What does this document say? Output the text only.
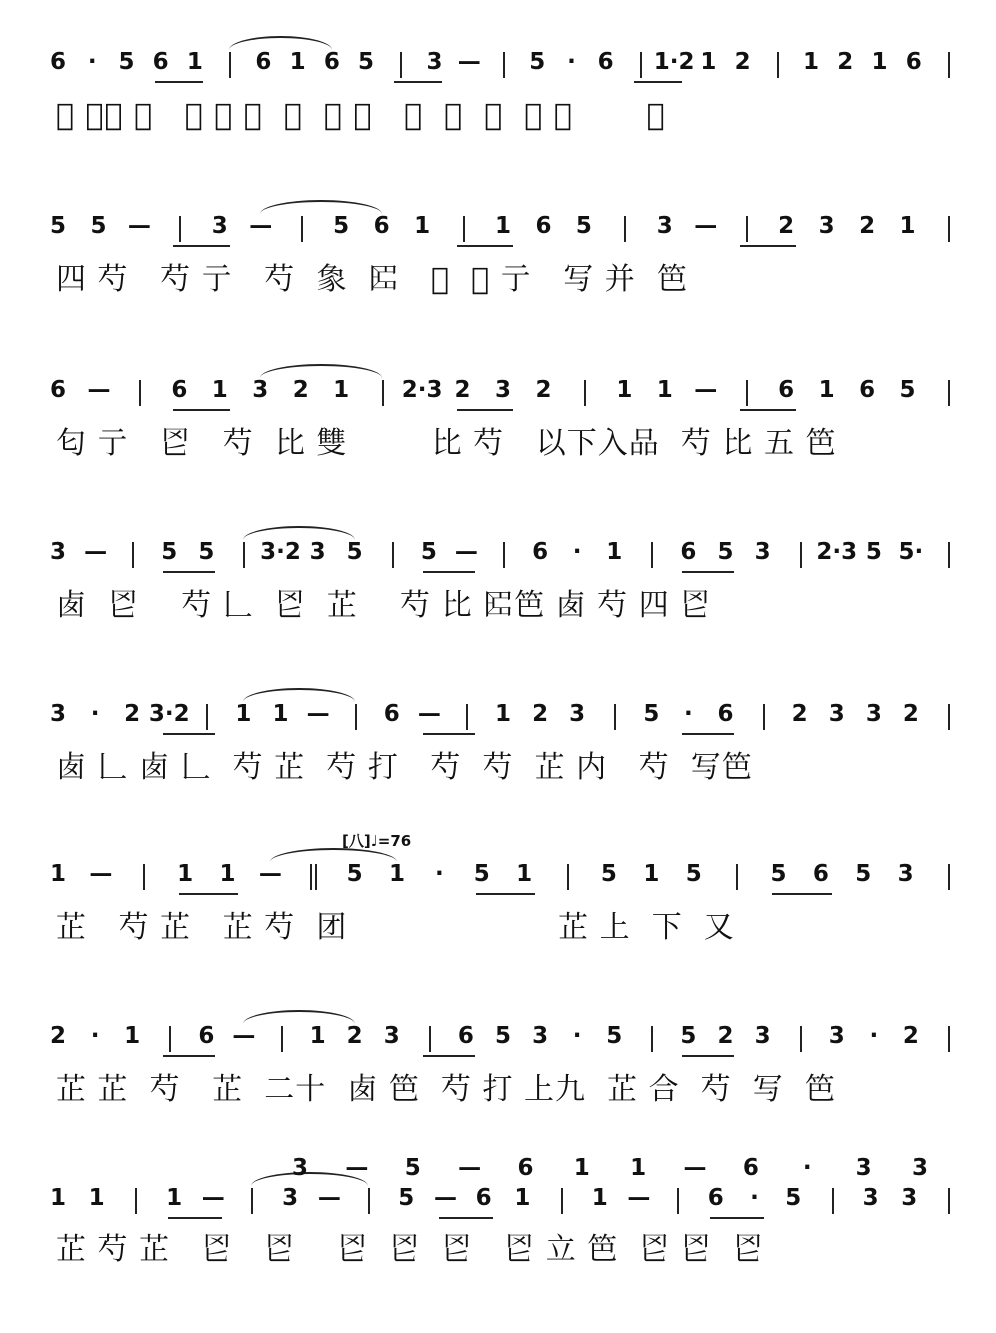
6 · 5 6 1 6 1 6 5 3 — 5 · 6 1·2 1 2 1 2 1 6
𥆀 打艮 旬   𣅻 丿 立  笆  𦉮 亍   𦚶  囟  疌  徒 亍       笆
5 5 —	3 —	5 6 1	1 6 5	3 —	2 3 2 1
四 芍   芍 亍   芍  𧰼  𠥓   𪝉  𠃔 亍   写 并  笆
6 —	6 1 3 2 1 2·3 2 3 2	1 1 —	6 1 6 5
匂 亍   𦉮   芍  比 雙        比 芍   以下入品  芍 比 五 笆
3 — 5 5 3·2 3 5	5 — 6 · 1	6 5 3 2·3 5 5·
𠧧  𦉮    芍 𠃊  𦉮  芷    芍 比 𠥓笆 𠧧 芍 四 𦉮
3 · 2 3·2 1 1 — 6 — 1 2 3	5 · 6	2 3 3 2
𠧧 𠃊 𠧧 𠃊  芍 芷  芍 打   芍  芍  芷 内   芍  写笆
1 —	1 1 —	5 1 · 5 1	5 1 5	5 6 5 3
芷   芍 芷   芷 芍  团                    芷 上  下  又
2 · 1	6 — 1 2 3	6 5 3 · 5	5 2 3	3 · 2
芷 芷  芍   芷  二十  𠧧 笆  芍 打 上九  芷 合  芍  写  笆
1 1	1 — 3 — 5 — 6 1	1 — 6 · 5	3 3
3 — 5 — 6 1 1 — 6 · 3 3
芷 芍 芷   𦉮   𦉮    𦉮  𦉮  𦉮   𦉮 立 笆  𦉮 𦉮  𦉮
[八]♩=76
